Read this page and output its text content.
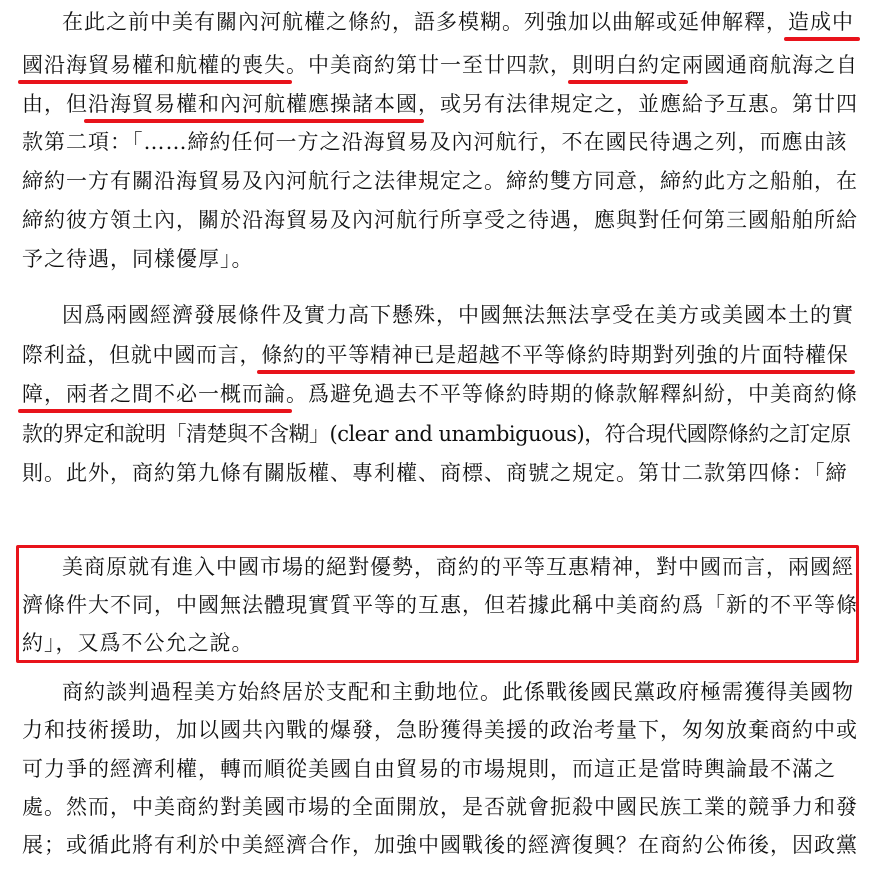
在此之前中美有關內河航權之條約，語多模糊。列強加以曲解或延伸解釋，造成中
國沿海貿易權和航權的喪失。中美商約第廿一至廿四款，則明白約定兩國通商航海之自
由，但沿海貿易權和內河航權應操諸本國，或另有法律規定之，並應給予互惠。第廿四
款第二項：「……締約任何一方之沿海貿易及內河航行，不在國民待遇之列，而應由該
締約一方有關沿海貿易及內河航行之法律規定之。締約雙方同意，締約此方之船舶，在
締約彼方領土內，關於沿海貿易及內河航行所享受之待遇，應與對任何第三國船舶所給
予之待遇，同樣優厚」。
因爲兩國經濟發展條件及實力高下懸殊，中國無法無法享受在美方或美國本土的實
際利益，但就中國而言，條約的平等精神已是超越不平等條約時期對列強的片面特權保
障，兩者之間不必一概而論。爲避免過去不平等條約時期的條款解釋糾紛，中美商約條
款的界定和說明「清楚與不含糊」(clear and unambiguous)，符合現代國際條約之訂定原
則。此外，商約第九條有關版權、專利權、商標、商號之規定。第廿二款第四條：「締
美商原就有進入中國市場的絕對優勢，商約的平等互惠精神，對中國而言，兩國經
濟條件大不同，中國無法體現實質平等的互惠，但若據此稱中美商約爲「新的不平等條
約」，又爲不公允之說。
商約談判過程美方始終居於支配和主動地位。此係戰後國民黨政府極需獲得美國物
力和技術援助，加以國共內戰的爆發，急盼獲得美援的政治考量下，匆匆放棄商約中或
可力爭的經濟利權，轉而順從美國自由貿易的市場規則，而這正是當時輿論最不滿之
處。然而，中美商約對美國市場的全面開放，是否就會扼殺中國民族工業的競爭力和發
展；或循此將有利於中美經濟合作，加強中國戰後的經濟復興？在商約公佈後，因政黨
